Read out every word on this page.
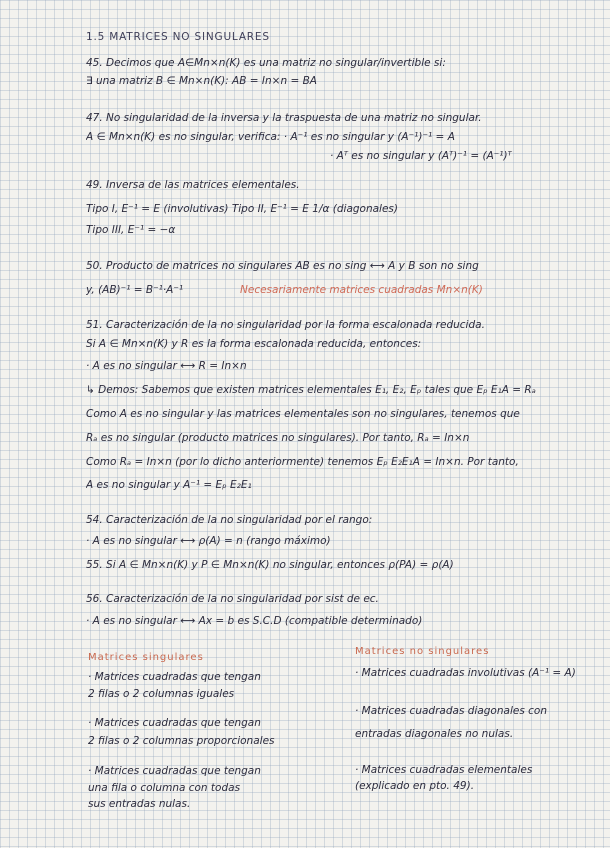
1.5 MATRICES NO SINGULARES
45. Decimos que A∈Mn×n(K) es una matriz no singular/invertible si:
∃ una matriz B ∈ Mn×n(K): AB = In×n = BA
47. No singularidad de la inversa y la traspuesta de una matriz no singular.
A ∈ Mn×n(K) es no singular, verifica: · A⁻¹ es no singular y (A⁻¹)⁻¹ = A
· Aᵀ es no singular y (Aᵀ)⁻¹ = (A⁻¹)ᵀ
49. Inversa de las matrices elementales.
Tipo I, E⁻¹ = E (involutivas) Tipo II, E⁻¹ = E 1/α (diagonales)
Tipo III, E⁻¹ = −α
50. Producto de matrices no singulares AB es no sing ⟷ A y B son no sing
y, (AB)⁻¹ = B⁻¹·A⁻¹	Necesariamente matrices cuadradas Mn×n(K)
51. Caracterización de la no singularidad por la forma escalonada reducida.
Si A ∈ Mn×n(K) y R es la forma escalonada reducida, entonces:
· A es no singular ⟷ R = In×n
↳ Demos: Sabemos que existen matrices elementales E₁, E₂, Eₚ tales que Eₚ E₁A = Rₐ
Como A es no singular y las matrices elementales son no singulares, tenemos que
Rₐ es no singular (producto matrices no singulares). Por tanto, Rₐ = In×n
Como Rₐ = In×n (por lo dicho anteriormente) tenemos Eₚ E₂E₁A = In×n. Por tanto,
A es no singular y A⁻¹ = Eₚ E₂E₁
54. Caracterización de la no singularidad por el rango:
· A es no singular ⟷ ρ(A) = n (rango máximo)
55. Si A ∈ Mn×n(K) y P ∈ Mn×n(K) no singular, entonces ρ(PA) = ρ(A)
56. Caracterización de la no singularidad por sist de ec.
· A es no singular ⟷ Ax = b es S.C.D (compatible determinado)
Matrices singulares
· Matrices cuadradas que tengan
2 filas o 2 columnas iguales
· Matrices cuadradas que tengan
2 filas o 2 columnas proporcionales
· Matrices cuadradas que tengan
una fila o columna con todas
sus entradas nulas.
Matrices no singulares
· Matrices cuadradas involutivas (A⁻¹ = A)
· Matrices cuadradas diagonales con
entradas diagonales no nulas.
· Matrices cuadradas elementales
(explicado en pto. 49).
